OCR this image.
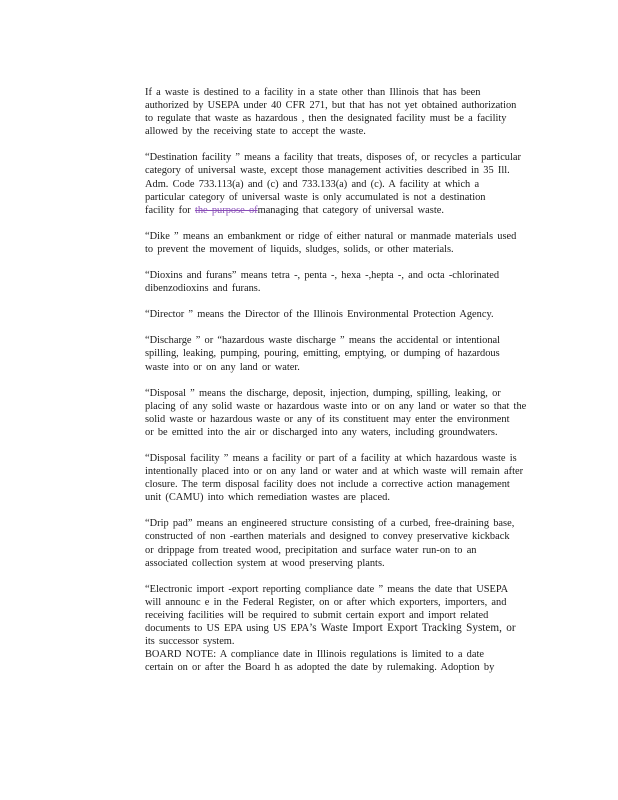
If a waste is destined to a facility in a state other than Illinois that has been
authorized by USEPA under 40 CFR 271, but that has not yet obtained authorization
to regulate that waste as hazardous , then the designated facility must be a facility
allowed by the receiving state to accept the waste.
“Destination facility ” means a facility that treats, disposes of, or recycles a particular
category of universal waste, except those management activities described in 35 Ill.
Adm. Code 733.113(a) and (c) and 733.133(a) and (c). A facility at which a
particular category of universal waste is only accumulated is not a destination
facility for the purpose ofmanaging that category of universal waste.
“Dike ” means an embankment or ridge of either natural or manmade materials used
to prevent the movement of liquids, sludges, solids, or other materials.
“Dioxins and furans” means tetra -, penta -, hexa -,hepta -, and octa -chlorinated
dibenzodioxins and furans.
“Director ” means the Director of the Illinois Environmental Protection Agency.
“Discharge ” or “hazardous waste discharge ” means the accidental or intentional
spilling, leaking, pumping, pouring, emitting, emptying, or dumping of hazardous
waste into or on any land or water.
“Disposal ” means the discharge, deposit, injection, dumping, spilling, leaking, or
placing of any solid waste or hazardous waste into or on any land or water so that the
solid waste or hazardous waste or any of its constituent may enter the environment
or be emitted into the air or discharged into any waters, including groundwaters.
“Disposal facility ” means a facility or part of a facility at which hazardous waste is
intentionally placed into or on any land or water and at which waste will remain after
closure. The term disposal facility does not include a corrective action management
unit (CAMU) into which remediation wastes are placed.
“Drip pad” means an engineered structure consisting of a curbed, free-draining base,
constructed of non -earthen materials and designed to convey preservative kickback
or drippage from treated wood, precipitation and surface water run-on to an
associated collection system at wood preserving plants.
“Electronic import -export reporting compliance date ” means the date that USEPA
will announc e in the Federal Register, on or after which exporters, importers, and
receiving facilities will be required to submit certain export and import related
documents to US EPA using US EPA’s Waste Import Export Tracking System, or
its successor system.
BOARD NOTE: A compliance date in Illinois regulations is limited to a date
certain on or after the Board h as adopted the date by rulemaking. Adoption by
